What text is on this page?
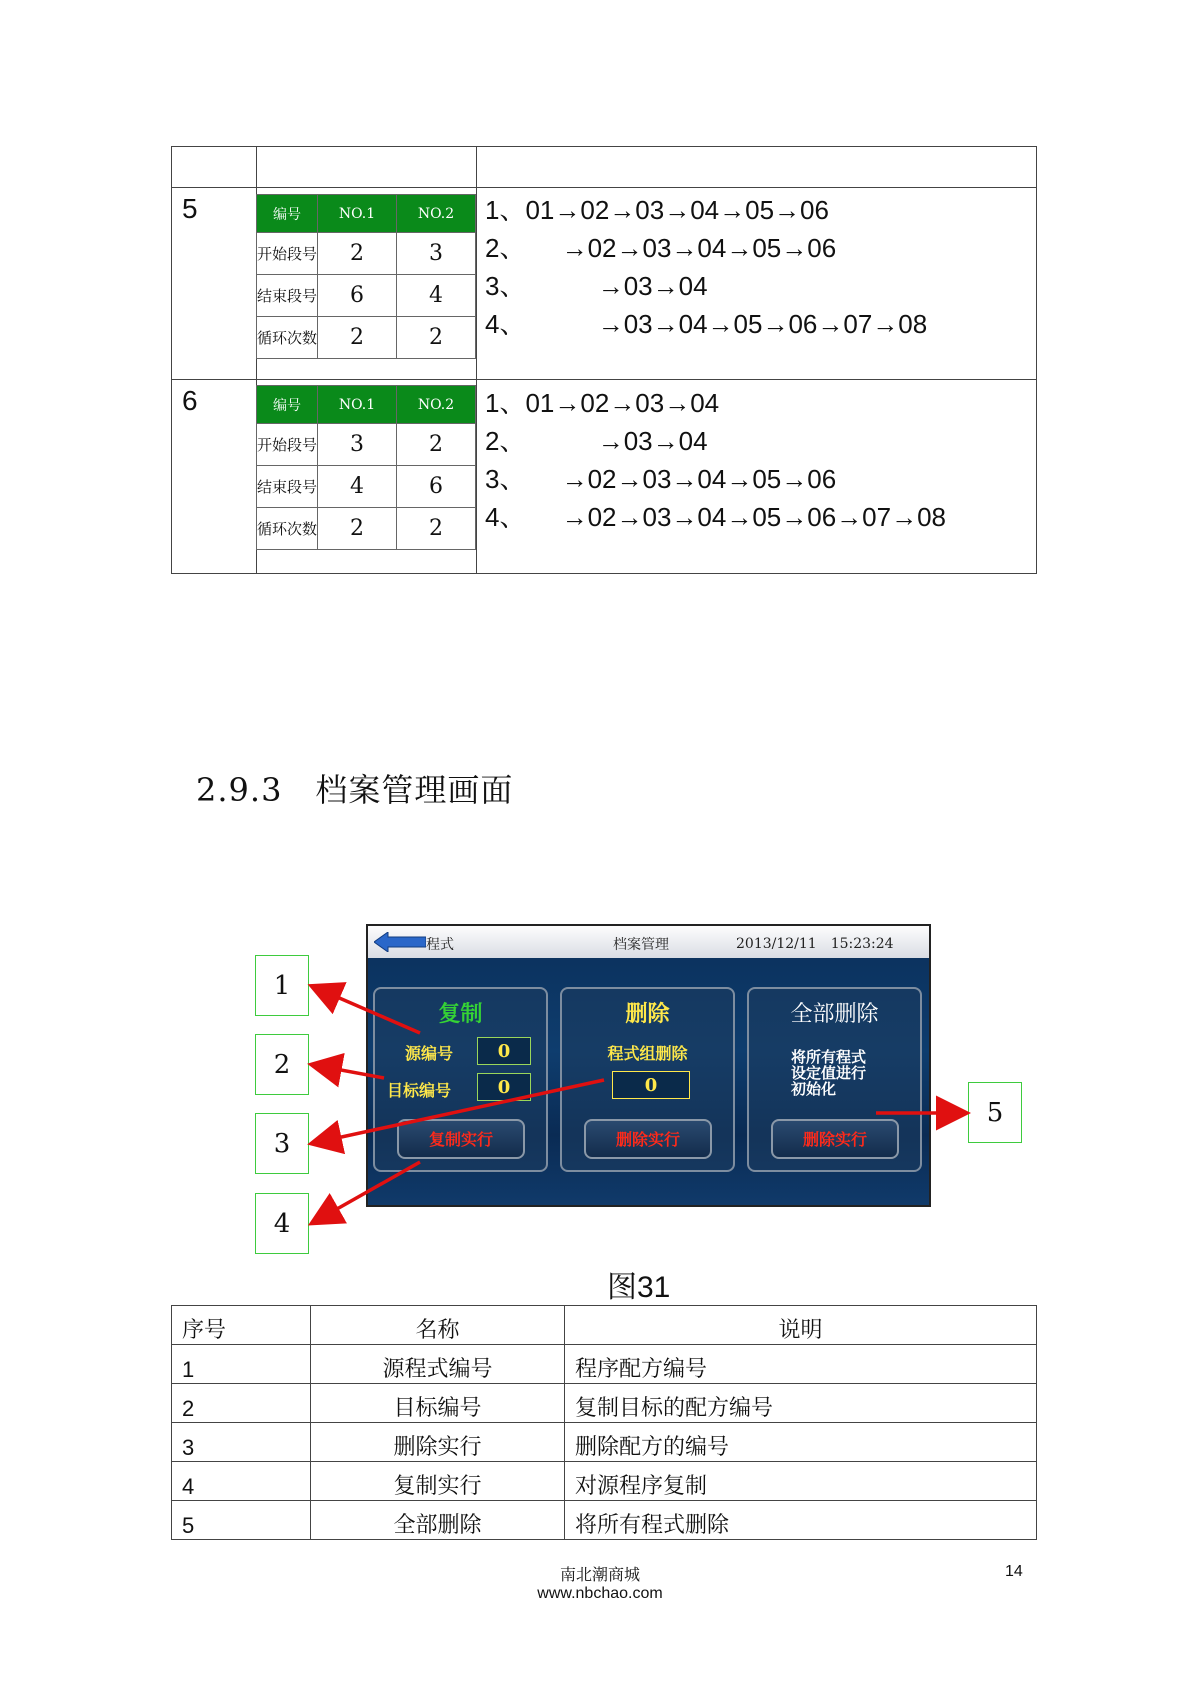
5	编号	NO.1	NO.2
开始段号	2	3
结束段号	6	4
循环次数	2	2
1、01→02→03→04→05→06
2、     →02→03→04→05→06
3、          →03→04
4、          →03→04→05→06→07→08
6	编号	NO.1	NO.2
开始段号	3	2
结束段号	4	6
循环次数	2	2
1、01→02→03→04
2、          →03→04
3、     →02→03→04→05→06
4、     →02→03→04→05→06→07→08
2.9.3　档案管理画面
1
2
3
4
5
程式	档案管理	2013/12/11　15:23:24
复制
源编号	0
目标编号	0
复制实行
删除
程式组删除
0
删除实行
全部删除
将所有程式
设定值进行
初始化
删除实行
图31
序号	名称	说明
1	源程式编号	程序配方编号
2	目标编号	复制目标的配方编号
3	删除实行	删除配方的编号
4	复制实行	对源程序复制
5	全部删除	将所有程式删除
南北潮商城
www.nbchao.com
14
